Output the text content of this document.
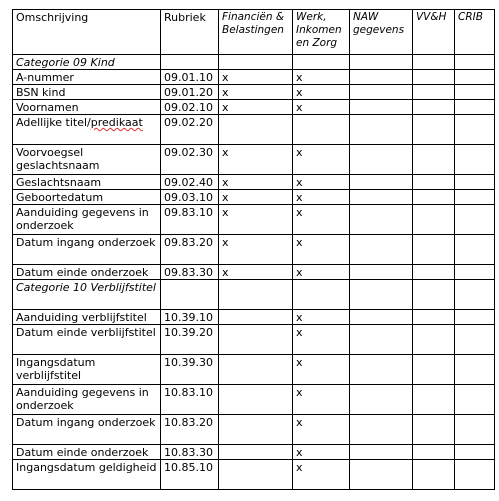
Omschrijving	Rubriek	Financiën & Belastingen	Werk, Inkomen en Zorg	NAW gegevens	VV&H	CRIB
Categorie 09 Kind						
A-nummer	09.01.10	x	x			
BSN kind	09.01.20	x	x			
Voornamen	09.02.10	x	x			
Adellijke titel/predikaat	09.02.20					
Voorvoegsel geslachtsnaam	09.02.30	x	x			
Geslachtsnaam	09.02.40	x	x			
Geboortedatum	09.03.10	x	x			
Aanduiding gegevens in onderzoek	09.83.10	x	x			
Datum ingang onderzoek	09.83.20	x	x			
Datum einde onderzoek	09.83.30	x	x			
Categorie 10 Verblijfstitel						
Aanduiding verblijfstitel	10.39.10		x			
Datum einde verblijfstitel	10.39.20		x			
Ingangsdatum verblijfstitel	10.39.30		x			
Aanduiding gegevens in onderzoek	10.83.10		x			
Datum ingang onderzoek	10.83.20		x			
Datum einde onderzoek	10.83.30		x			
Ingangsdatum geldigheid	10.85.10		x			
